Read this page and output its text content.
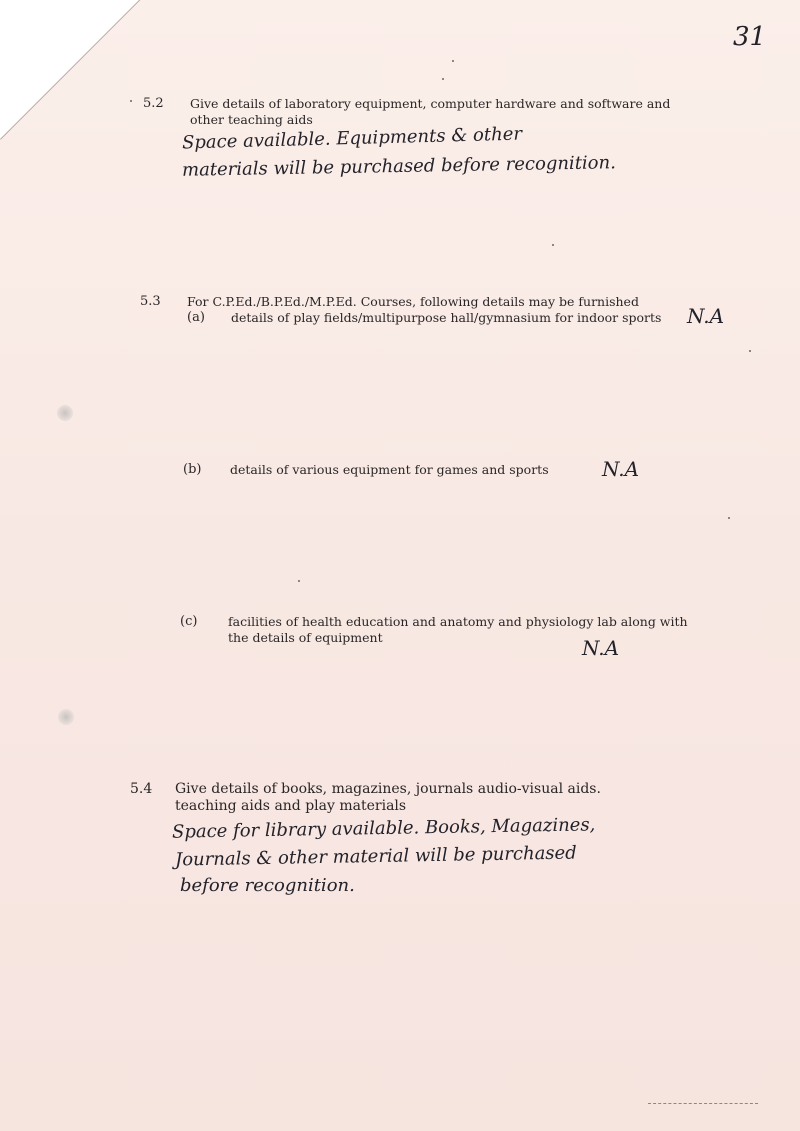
31
5.2 Give details of laboratory equipment, computer hardware and software and
other teaching aids
Space available. Equipments & other
materials will be purchased before recognition.
5.3 For C.P.Ed./B.P.Ed./M.P.Ed. Courses, following details may be furnished
(a) details of play fields/multipurpose hall/gymnasium for indoor sports N.A
(b) details of various equipment for games and sports	N.A
(c) facilities of health education and anatomy and physiology lab along with
the details of equipment	N.A
5.4 Give details of books, magazines, journals audio-visual aids.
teaching aids and play materials
Space for library available. Books, Magazines,
Journals & other material will be purchased
before recognition.
